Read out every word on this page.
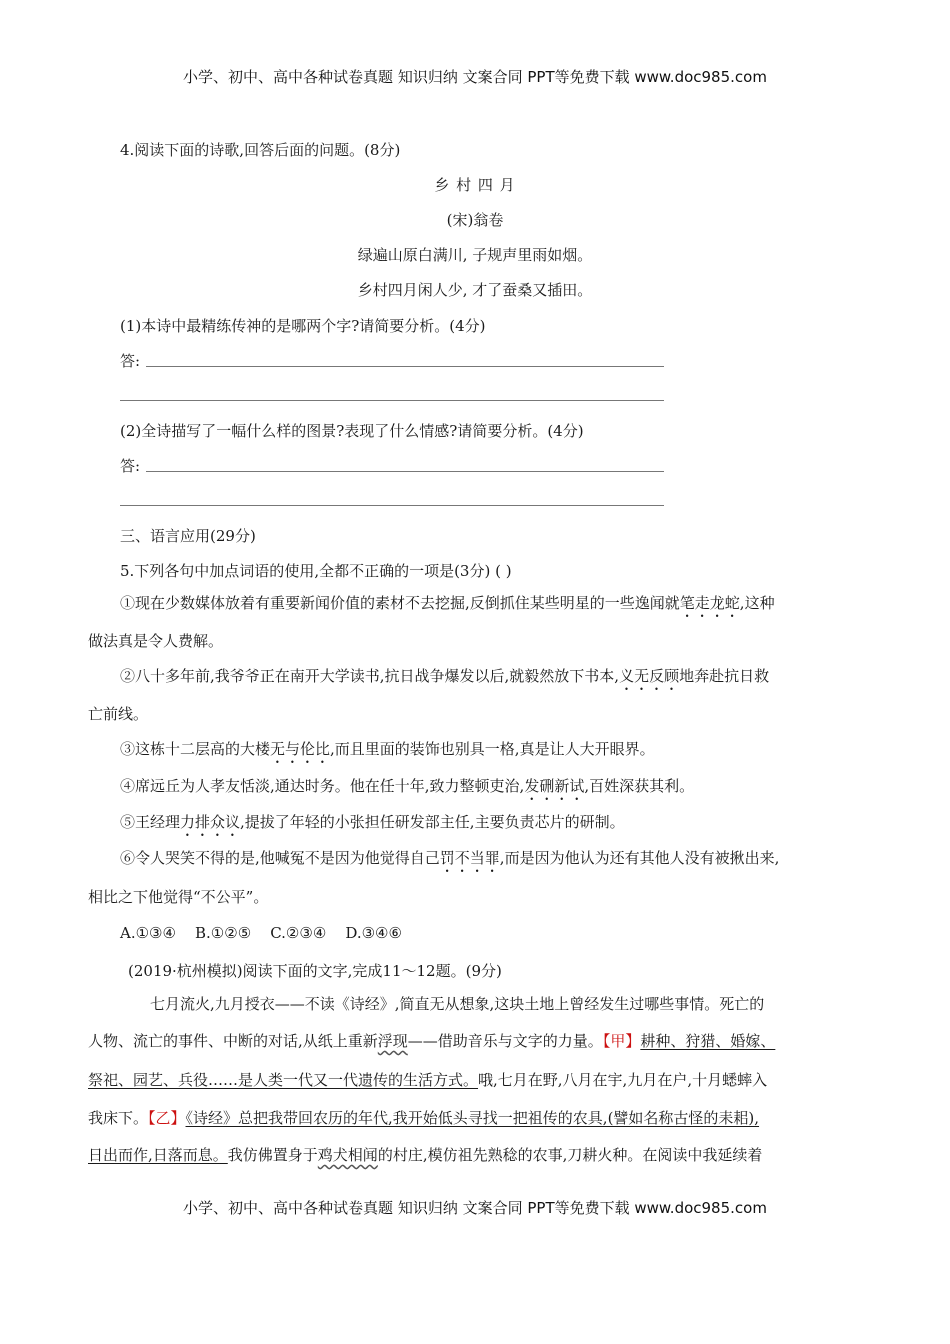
小学、初中、高中各种试卷真题 知识归纳 文案合同 PPT等免费下载 www.doc985.com
4.阅读下面的诗歌,回答后面的问题。(8分)
乡 村 四 月
(宋)翁卷
绿遍山原白满川, 子规声里雨如烟。
乡村四月闲人少, 才了蚕桑又插田。
(1)本诗中最精练传神的是哪两个字?请简要分析。(4分)
答:
(2)全诗描写了一幅什么样的图景?表现了什么情感?请简要分析。(4分)
答:
三、语言应用(29分)
5.下列各句中加点词语的使用,全都不正确的一项是(3分) ( )
①现在少数媒体放着有重要新闻价值的素材不去挖掘,反倒抓住某些明星的一些逸闻就笔走龙蛇,这种
做法真是令人费解。
②八十多年前,我爷爷正在南开大学读书,抗日战争爆发以后,就毅然放下书本,义无反顾地奔赴抗日救
亡前线。
③这栋十二层高的大楼无与伦比,而且里面的装饰也别具一格,真是让人大开眼界。
④席远丘为人孝友恬淡,通达时务。他在任十年,致力整顿吏治,发硎新试,百姓深获其利。
⑤王经理力排众议,提拔了年轻的小张担任研发部主任,主要负责芯片的研制。
⑥令人哭笑不得的是,他喊冤不是因为他觉得自己罚不当罪,而是因为他认为还有其他人没有被揪出来,
相比之下他觉得“不公平”。
A.①③④    B.①②⑤    C.②③④    D.③④⑥
(2019·杭州模拟)阅读下面的文字,完成11～12题。(9分)
七月流火,九月授衣——不读《诗经》,简直无从想象,这块土地上曾经发生过哪些事情。死亡的
人物、流亡的事件、中断的对话,从纸上重新浮现——借助音乐与文字的力量。【甲】耕种、狩猎、婚嫁、
祭祀、园艺、兵役……是人类一代又一代遗传的生活方式。哦,七月在野,八月在宇,九月在户,十月蟋蟀入
我床下。【乙】《诗经》总把我带回农历的年代,我开始低头寻找一把祖传的农具,(譬如名称古怪的耒耜),
日出而作,日落而息。我仿佛置身于鸡犬相闻的村庄,模仿祖先熟稔的农事,刀耕火种。在阅读中我延续着
小学、初中、高中各种试卷真题 知识归纳 文案合同 PPT等免费下载 www.doc985.com
